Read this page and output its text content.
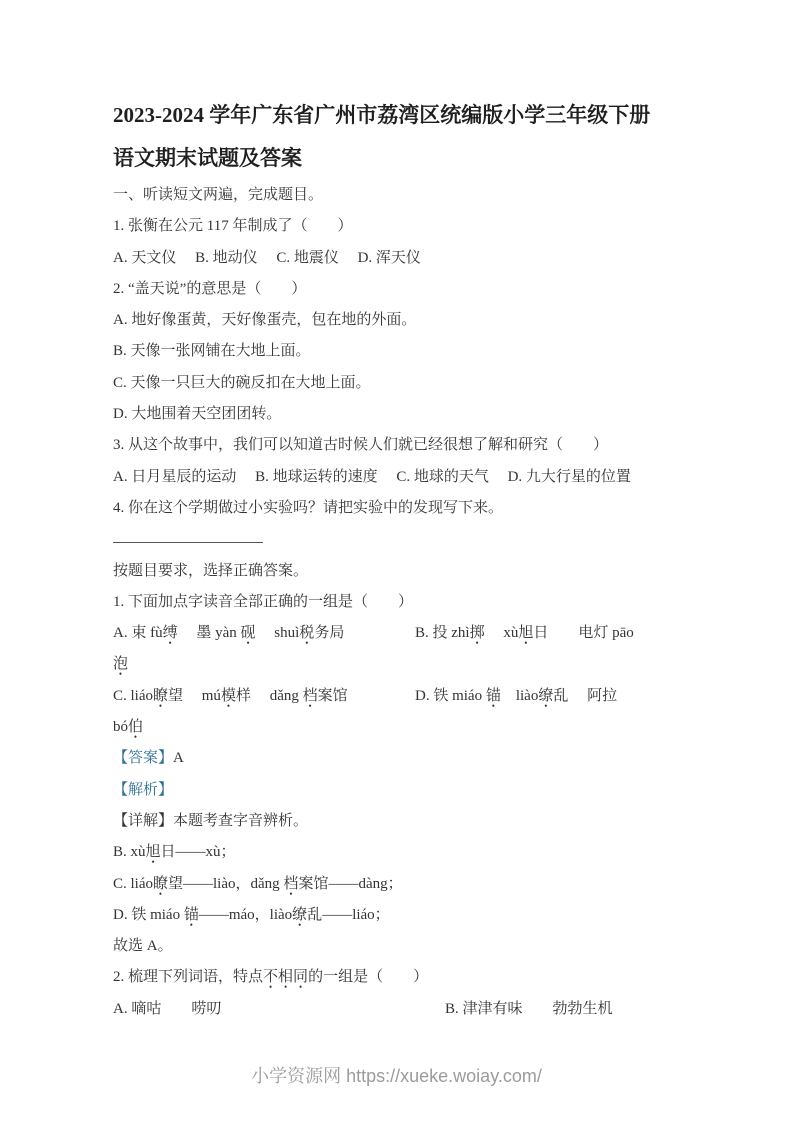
2023-2024 学年广东省广州市荔湾区统编版小学三年级下册
语文期末试题及答案
一、听读短文两遍，完成题目。
1. 张衡在公元 117 年制成了（　　）
A. 天文仪　 B. 地动仪　 C. 地震仪　 D. 浑天仪
2. “盖天说”的意思是（　　）
A. 地好像蛋黄，天好像蛋壳，包在地的外面。
B. 天像一张网铺在大地上面。
C. 天像一只巨大的碗反扣在大地上面。
D. 大地围着天空团团转。
3. 从这个故事中，我们可以知道古时候人们就已经很想了解和研究（　　）
A. 日月星辰的运动　 B. 地球运转的速度　 C. 地球的天气　 D. 九大行星的位置
4. 你在这个学期做过小实验吗？请把实验中的发现写下来。
按题目要求，选择正确答案。
1. 下面加点字读音全部正确的一组是（　　）
A. 束 fù缚　 墨 yàn 砚　 shuì税务局	B. 投 zhì掷　 xù旭日　　电灯 pāo
泡
C. liáo瞭望　 mú模样　 dǎng 档案馆	D. 铁 miáo 锚　liào缭乱　 阿拉
bó伯
【答案】A
【解析】
【详解】本题考查字音辨析。
B. xù旭日——xù；
C. liáo瞭望——liào，dǎng 档案馆——dàng；
D. 铁 miáo 锚——máo，liào缭乱——liáo；
故选 A。
2. 梳理下列词语，特点不相同的一组是（　　）
A. 嘀咕　　唠叨	B. 津津有味　　勃勃生机
小学资源网 https://xueke.woiay.com/
